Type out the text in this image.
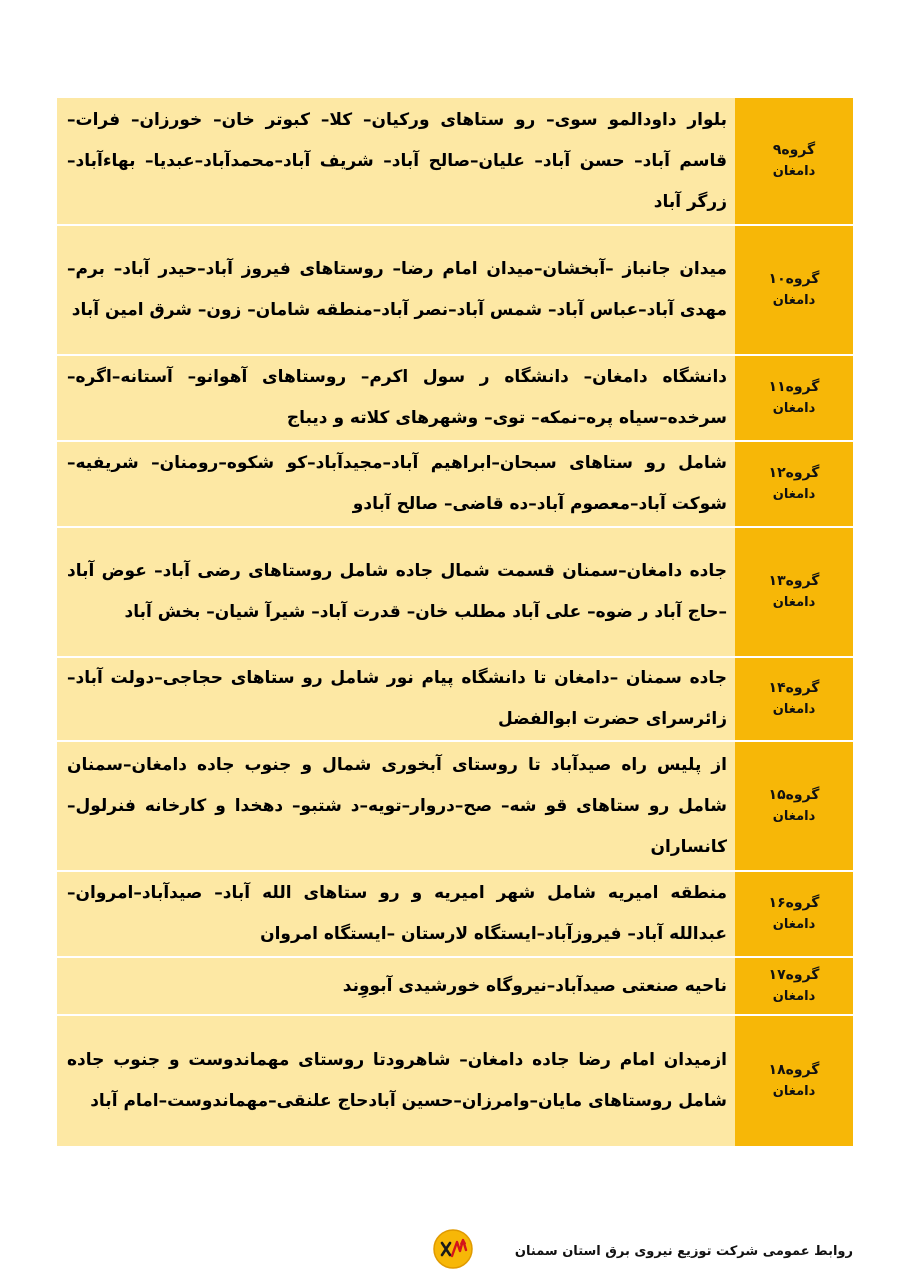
گروه۹
دامغان	بلوار داودالمو سوی– رو ستاهای ورکیان– کلا– کبوتر خان– خورزان– فرات– قاسم آباد– حسن آباد– علیان–صالح آباد– شریف آباد–محمدآباد–عبدیا– بهاءآباد–زرگر آباد

گروه۱۰
دامغان	میدان جانباز –آبخشان–میدان امام رضا– روستاهای فیروز آباد–حیدر آباد– برم– مهدی آباد–عباس آباد– شمس آباد–نصر آباد–منطقه شامان– زون– شرق امین آباد

گروه۱۱
دامغان	دانشگاه دامغان– دانشگاه ر سول اکرم– روستاهای آهوانو– آستانه–اگره– سرخده–سیاه پره–نمکه– توی– وشهرهای کلاته و دیباج

گروه۱۲
دامغان	شامل رو ستاهای سبحان–ابراهیم آباد–مجیدآباد–کو شکوه–رومنان– شریفیه–شوکت آباد–معصوم آباد–ده قاضی– صالح آبادو

گروه۱۳
دامغان	جاده دامغان–سمنان قسمت شمال جاده شامل روستاهای رضی آباد– عوض آباد –حاج آباد ر ضوه– علی آباد مطلب خان– قدرت آباد– شیرآ شیان– بخش آباد

گروه۱۴
دامغان	جاده سمنان –دامغان تا دانشگاه پیام نور شامل رو ستاهای حجاجی–دولت آباد–زائرسرای حضرت ابوالفضل

گروه۱۵
دامغان	از پلیس راه صیدآباد تا روستای آبخوری شمال و جنوب جاده دامغان–سمنان شامل رو ستاهای قو شه– صح–دروار–تویه–د شتبو– دهخدا و کارخانه فنرلول–کانساران

گروه۱۶
دامغان	منطقه امیریه شامل شهر امیریه و رو ستاهای الله آباد– صیدآباد–امروان– عبدالله آباد– فیروزآباد–ایستگاه لارستان –ایستگاه امروان

گروه۱۷
دامغان	ناحیه صنعتی صیدآباد–نیروگاه خورشیدی آبووِند

گروه۱۸
دامغان	ازمیدان امام رضا جاده دامغان– شاهرودتا روستای مهماندوست و جنوب جاده شامل روستاهای مایان–وامرزان–حسین آبادحاج علنقی–مهماندوست–امام آباد
روابط عمومی شرکت توزیع نیروی برق استان سمنان
